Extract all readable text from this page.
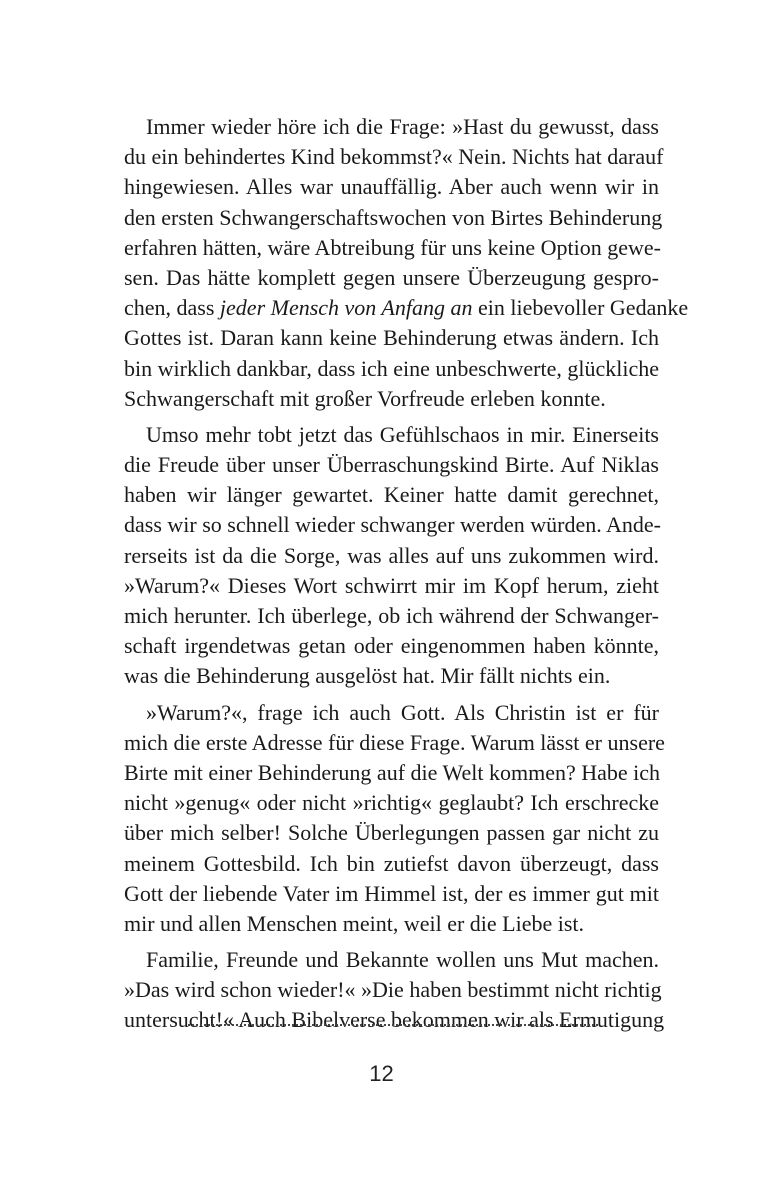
Immer wieder höre ich die Frage: »Hast du gewusst, dass
du ein behindertes Kind bekommst?« Nein. Nichts hat darauf
hingewiesen. Alles war unauffällig. Aber auch wenn wir in
den ersten Schwangerschaftswochen von Birtes Behinderung
erfahren hätten, wäre Abtreibung für uns keine Option gewe-
sen. Das hätte komplett gegen unsere Überzeugung gespro-
chen, dass jeder Mensch von Anfang an ein liebevoller Gedanke
Gottes ist. Daran kann keine Behinderung etwas ändern. Ich
bin wirklich dankbar, dass ich eine unbeschwerte, glückliche
Schwangerschaft mit großer Vorfreude erleben konnte.
Umso mehr tobt jetzt das Gefühlschaos in mir. Einerseits
die Freude über unser Überraschungskind Birte. Auf Niklas
haben wir länger gewartet. Keiner hatte damit gerechnet,
dass wir so schnell wieder schwanger werden würden. Ande-
rerseits ist da die Sorge, was alles auf uns zukommen wird.
»Warum?« Dieses Wort schwirrt mir im Kopf herum, zieht
mich herunter. Ich überlege, ob ich während der Schwanger-
schaft irgendetwas getan oder eingenommen haben könnte,
was die Behinderung ausgelöst hat. Mir fällt nichts ein.
»Warum?«, frage ich auch Gott. Als Christin ist er für
mich die erste Adresse für diese Frage. Warum lässt er unsere
Birte mit einer Behinderung auf die Welt kommen? Habe ich
nicht »genug« oder nicht »richtig« geglaubt? Ich erschrecke
über mich selber! Solche Überlegungen passen gar nicht zu
meinem Gottesbild. Ich bin zutiefst davon überzeugt, dass
Gott der liebende Vater im Himmel ist, der es immer gut mit
mir und allen Menschen meint, weil er die Liebe ist.
Familie, Freunde und Bekannte wollen uns Mut machen.
»Das wird schon wieder!« »Die haben bestimmt nicht richtig
untersucht!« Auch Bibelverse bekommen wir als Ermutigung
12
